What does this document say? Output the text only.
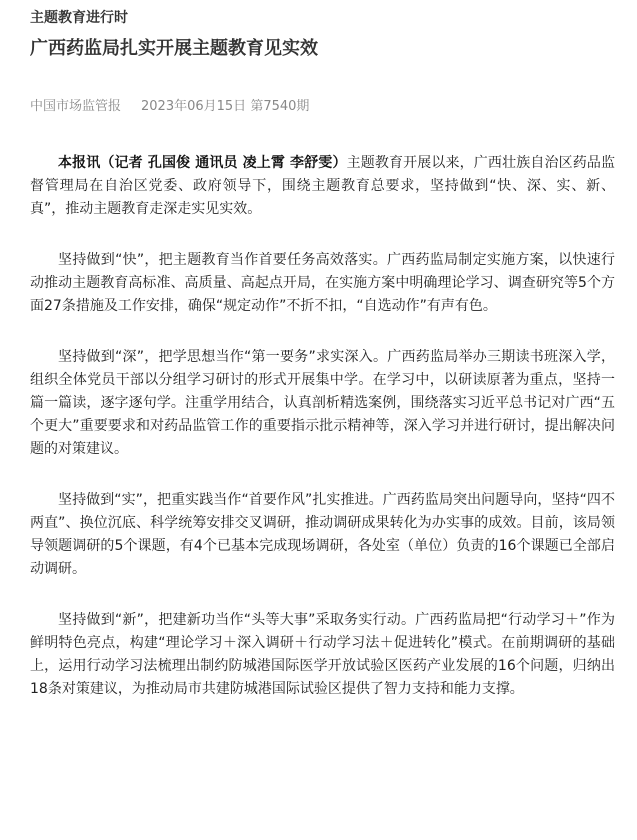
主题教育进行时
广西药监局扎实开展主题教育见实效
中国市场监管报 2023年06月15日 第7540期

本报讯（记者 孔国俊 通讯员 凌上霄 李舒雯）主题教育开展以来，广西壮族自治区药品监督管理局在自治区党委、政府领导下，围绕主题教育总要求，坚持做到“快、深、实、新、真”，推动主题教育走深走实见实效。

坚持做到“快”，把主题教育当作首要任务高效落实。广西药监局制定实施方案，以快速行动推动主题教育高标准、高质量、高起点开局，在实施方案中明确理论学习、调查研究等5个方面27条措施及工作安排，确保“规定动作”不折不扣，“自选动作”有声有色。

坚持做到“深”，把学思想当作“第一要务”求实深入。广西药监局举办三期读书班深入学，组织全体党员干部以分组学习研讨的形式开展集中学。在学习中，以研读原著为重点，坚持一篇一篇读，逐字逐句学。注重学用结合，认真剖析精选案例，围绕落实习近平总书记对广西“五个更大”重要要求和对药品监管工作的重要指示批示精神等，深入学习并进行研讨，提出解决问题的对策建议。

坚持做到“实”，把重实践当作“首要作风”扎实推进。广西药监局突出问题导向，坚持“四不两直”、换位沉底、科学统筹安排交叉调研，推动调研成果转化为办实事的成效。目前，该局领导领题调研的5个课题，有4个已基本完成现场调研，各处室（单位）负责的16个课题已全部启动调研。

坚持做到“新”，把建新功当作“头等大事”采取务实行动。广西药监局把“行动学习＋”作为鲜明特色亮点，构建“理论学习＋深入调研＋行动学习法＋促进转化”模式。在前期调研的基础上，运用行动学习法梳理出制约防城港国际医学开放试验区医药产业发展的16个问题，归纳出18条对策建议，为推动局市共建防城港国际试验区提供了智力支持和能力支撑。
